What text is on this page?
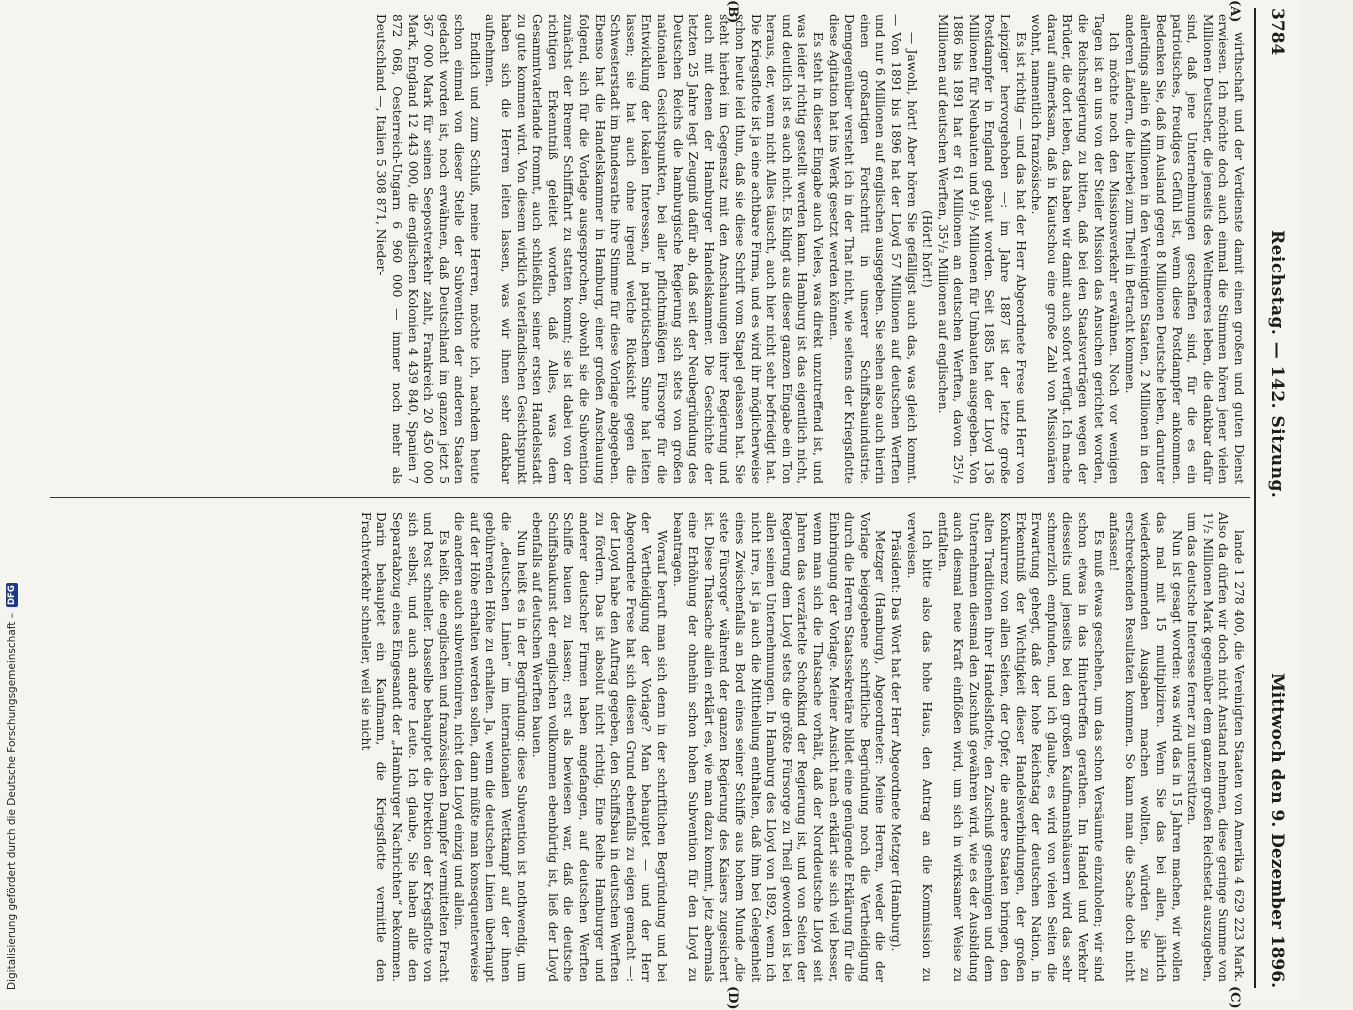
3784
Reichstag. — 142. Sitzung.
Mittwoch den 9. Dezember 1896.
(A)
(B)
(C)
(D)

wirthschaft und der Verdienste damit einen großen und guten Dienst erwiesen. Ich möchte doch auch einmal die Stimmen hören jener vielen Millionen Deutscher, die jenseits des Weltmeeres leben, die dankbar dafür sind, daß jene Unternehmungen geschaffen sind, für die es ein patriotisches, freudiges Gefühl ist, wenn diese Postdampfer ankommen. Bedenken Sie, daß im Ausland gegen 8 Millionen Deutsche leben, darunter allerdings allein 6 Millionen in den Vereinigten Staaten, 2 Millionen in den anderen Ländern, die hierbei zum Theil in Betracht kommen.

Ich möchte noch den Missionsverkehr erwähnen. Noch vor wenigen Tagen ist an uns von der Steiler Mission das Ansuchen gerichtet worden, die Reichsregierung zu bitten, daß bei den Staatsverträgen wegen der Brüder, die dort leben, das haben wir damit auch sofort verfügt. Ich mache darauf aufmerksam, daß in Kiautschou eine große Zahl von Missionären wohnt, namentlich französische.

Es ist richtig — und das hat der Herr Abgeordnete Frese und Herr von Leipziger hervorgehoben —: im Jahre 1887 ist der letzte große Postdampfer in England gebaut worden. Seit 1885 hat der Lloyd 136 Millionen für Neubauten und 9¹/₂ Millionen für Umbauten ausgegeben. Von 1886 bis 1891 hat er 61 Millionen an deutschen Werften, davon 25¹/₂ Millionen auf deutschen Werften, 35¹/₂ Millionen auf englischen.

(Hört! hört!)

— Jawohl, hört! Aber hören Sie gefälligst auch das, was gleich kommt. — Von 1891 bis 1896 hat der Lloyd 57 Millionen auf deutschen Werften und nur 6 Millionen auf englischen ausgegeben. Sie sehen also auch hierin einen großartigen Fortschritt in unserer Schiffsbauindustrie. Demgegenüber versteht ich in der That nicht, wie seitens der Kriegsflotte diese Agitation hat ins Werk gesetzt werden können.

Es steht in dieser Eingabe auch Vieles, was direkt unzutreffend ist, und was leider richtig gestellt werden kann. Hamburg ist das eigentlich nicht, und deutlich ist es auch nicht. Es klingt aus dieser ganzen Eingabe ein Ton heraus, der, wenn nicht Alles täuscht, auch hier nicht sehr befriedigt hat. Die Kriegsflotte ist ja eine achtbare Firma, und es wird ihr möglicherweise schon heute leid thun, daß sie diese Schrift vom Stapel gelassen hat. Sie steht hierbei im Gegensatz mit den Anschauungen ihrer Regierung und auch mit denen der Hamburger Handelskammer. Die Geschichte der letzten 25 Jahre legt Zeugniß dafür ab, daß seit der Neubegründung des Deutschen Reichs die hamburgische Regierung sich stets von großen nationalen Gesichtspunkten, bei aller pflichtmäßigen Fürsorge für die Entwicklung der lokalen Interessen, in patriotischem Sinne hat leiten lassen; sie hat auch ohne irgend welche Rücksicht gegen die Schwesterstadt im Bundesrathe ihre Stimme für diese Vorlage abgegeben. Ebenso hat die Handelskammer in Hamburg, einer großen Anschauung folgend, sich für die Vorlage ausgesprochen, obwohl sie die Subvention zunächst der Bremer Schifffahrt zu statten kommt; sie ist dabei von der richtigen Erkenntniß geleitet worden, daß Alles, was dem Gesammtvaterlande frommt, auch schließlich seiner ersten Handelsstadt zu gute kommen wird. Von diesem wirklich vaterländischen Gesichtspunkt haben sich die Herren leiten lassen, was wir ihnen sehr dankbar aufnehmen.

Endlich und zum Schluß, meine Herren, möchte ich, nachdem heute schon einmal von dieser Stelle der Subvention der anderen Staaten gedacht worden ist, noch erwähnen, daß Deutschland im ganzen jetzt 5 367 000 Mark für seinen Seepostverkehr zahlt, Frankreich 20 450 000 Mark, England 12 443 000, die englischen Kolonien 4 439 840, Spanien 7 872 068, Oesterreich-Ungarn 6 960 000 — immer noch mehr als Deutschland —, Italien 5 308 871, Nieder-

lande 1 278 400, die Vereinigten Staaten von Amerika 4 629 223 Mark. Also da dürfen wir doch nicht Anstand nehmen, diese geringe Summe von 1¹/₂ Millionen Mark gegenüber dem ganzen großen Reichsetat auszugeben, um das deutsche Interesse ferner zu unterstützen.

Nun ist gesagt worden: was wird das in 15 Jahren machen, wir wollen das mal mit 15 multipliziren. Wenn Sie das bei allen, jährlich wiederkommenden Ausgaben machen wollten, würden Sie zu erschreckenden Resultaten kommen. So kann man die Sache doch nicht anfassen!

Es muß etwas geschehen, um das schon Versäumte einzuholen; wir sind schon etwas in das Hintertreffen gerathen. Im Handel und Verkehr diesseits und jenseits bei den großen Kaufmannshäusern wird das sehr schmerzlich empfunden, und ich glaube, es wird von vielen Seiten die Erwartung gehegt, daß der hohe Reichstag der deutschen Nation, in Erkenntniß der Wichtigkeit dieser Handelsverbindungen, der großen Konkurrenz von allen Seiten, der Opfer, die andere Staaten bringen, den alten Traditionen ihrer Handelsflotte, den Zuschuß genehmigen und dem Unternehmen diesmal den Zuschuß gewähren wird, wie es der Ausbildung auch diesmal neue Kraft einflößen wird, um sich in wirksamer Weise zu entfalten.

Ich bitte also das hohe Haus, den Antrag an die Kommission zu verweisen.

Präsident: Das Wort hat der Herr Abgeordnete Metzger (Hamburg).

Metzger (Hamburg), Abgeordneter: Meine Herren, weder die der Vorlage beigegebene schriftliche Begründung noch die Vertheidigung durch die Herren Staatssekretäre bildet eine genügende Erklärung für die Einbringung der Vorlage. Meiner Ansicht nach erklärt sie sich viel besser, wenn man sich die Thatsache vorhält, daß der Norddeutsche Lloyd seit Jahren das verzärtelte Schoßkind der Regierung ist, und von Seiten der Regierung dem Lloyd stets die größte Fürsorge zu Theil geworden ist bei allen seinen Unternehmungen. In Hamburg des Lloyd von 1892, wenn ich nicht irre, ist ja auch die Mittheilung enthalten, daß ihm bei Gelegenheit eines Zwischenfalls an Bord eines seiner Schiffe aus hohem Munde „die stete Fürsorge“ während der ganzen Regierung des Kaisers zugesichert ist. Diese Thatsache allein erklärt es, wie man dazu kommt, jetz abermals eine Erhöhung der ohnehin schon hohen Subvention für den Lloyd zu beantragen.

Worauf beruft man sich denn in der schriftlichen Begründung und bei der Vertheidigung der Vorlage? Man behauptet — und der Herr Abgeordnete Frese hat sich diesen Grund ebenfalls zu eigen gemacht —: der Lloyd habe den Auftrag gegeben, den Schiffsbau in deutschen Werften zu fördern. Das ist absolut nicht richtig. Eine Reihe Hamburger und anderer deutscher Firmen haben angefangen, auf deutschen Werften Schiffe bauen zu lassen; erst als bewiesen war, daß die deutsche Schiffsbaukunst der englischen vollkommen ebenbürtig ist, ließ der Lloyd ebenfalls auf deutschen Werften bauen.

Nun heißt es in der Begründung: diese Subvention ist nothwendig, um die „deutschen Linien“ im internationalen Wettkampf auf der ihnen gebührenden Höhe zu erhalten. Ja, wenn die deutschen Linien überhaupt auf der Höhe erhalten werden sollen, dann müßte man konsequenterweise die anderen auch subventioniren, nicht den Lloyd einzig und allein.

Es heißt, die englischen und französischen Dampfer vermittelten Fracht und Post schneller. Dasselbe behauptet die Direktion der Kriegsflotte von sich selbst, und auch andere Leute. Ich glaube, Sie haben alle den Separatabzug eines Eingesandt der „Hamburger Nachrichten“ bekommen. Darin behauptet ein Kaufmann, die Kriegsflotte vermittle den Frachtverkehr schneller, weil sie nicht

Digitalisierung gefördert durch die Deutsche Forschungsgemeinschaft –
DFG
